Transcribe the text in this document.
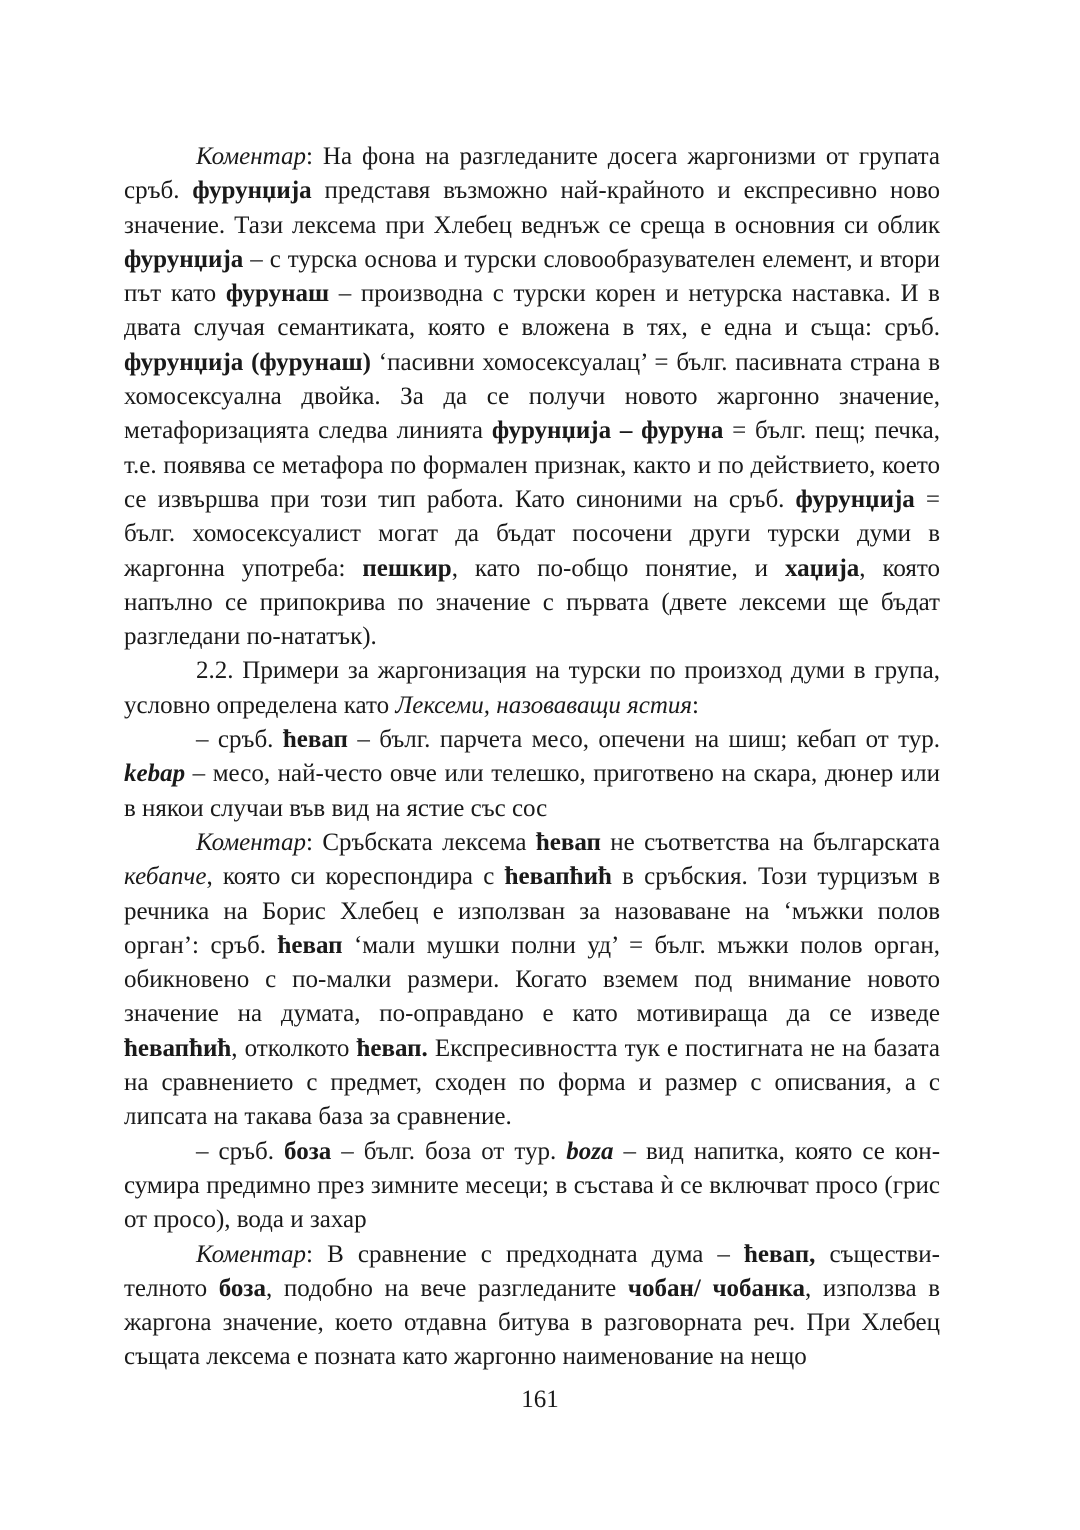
Коментар: На фона на разгледаните досега жаргонизми от групата сръб. фурунџија представя възможно най-крайното и експресивно ново значение. Тази лексема при Хлебец веднъж се среща в основния си облик фурунџија – с турска основа и турски словообразувателен елемент, и втори път като фурунаш – производна с турски корен и нетурска наставка. И в двата случая семантиката, която е вложена в тях, е една и съща: сръб. фурунџија (фурунаш) ‘пасивни хомосексуалац’ = бълг. пасивната страна в хомосексуална двойка. За да се получи новото жаргонно значение, метафоризацията следва линията фурунџија – фуруна = бълг. пещ; печка, т.е. появява се метафора по формален признак, както и по действието, което се извършва при този тип работа. Като синоними на сръб. фурунџија = бълг. хомосексуалист могат да бъдат посочени други турски думи в жаргонна употреба: пешкир, като по-общо понятие, и хаџија, която напълно се припокрива по значение с първата (двете лексеми ще бъдат разгледани по-нататък).

2.2. Примери за жаргонизация на турски по произход думи в група, условно определена като Лексеми, назоваващи ястия:

– сръб. ћевап – бълг. парчета месо, опечени на шиш; кебап от тур. kebap – месо, най-често овче или телешко, приготвено на скара, дюнер или в някои случаи във вид на ястие със сос

Коментар: Сръбската лексема ћевап не съответства на българската кебапче, която си кореспондира с ћевапћић в сръбския. Този турцизъм в речника на Борис Хлебец е използван за назоваване на ‘мъжки полов орган’: сръб. ћевап ‘мали мушки полни уд’ = бълг. мъжки полов орган, обикновено с по-малки размери. Когато вземем под внимание новото значение на думата, по-оправдано е като мотивираща да се изведе ћевапћић, отколкото ћевап. Експресивността тук е постигната не на базата на сравнението с предмет, сходен по форма и размер с описвания, а с липсата на такава база за сравнение.

– сръб. боза – бълг. боза от тур. boza – вид напитка, която се консумира предимно през зимните месеци; в състава ѝ се включват просо (грис от просо), вода и захар

Коментар: В сравнение с предходната дума – ћевап, съществителното боза, подобно на вече разгледаните чобан/ чобанка, използва в жаргона значение, което отдавна битува в разговорната реч. При Хлебец същата лексема е позната като жаргонно наименование на нещо

161
